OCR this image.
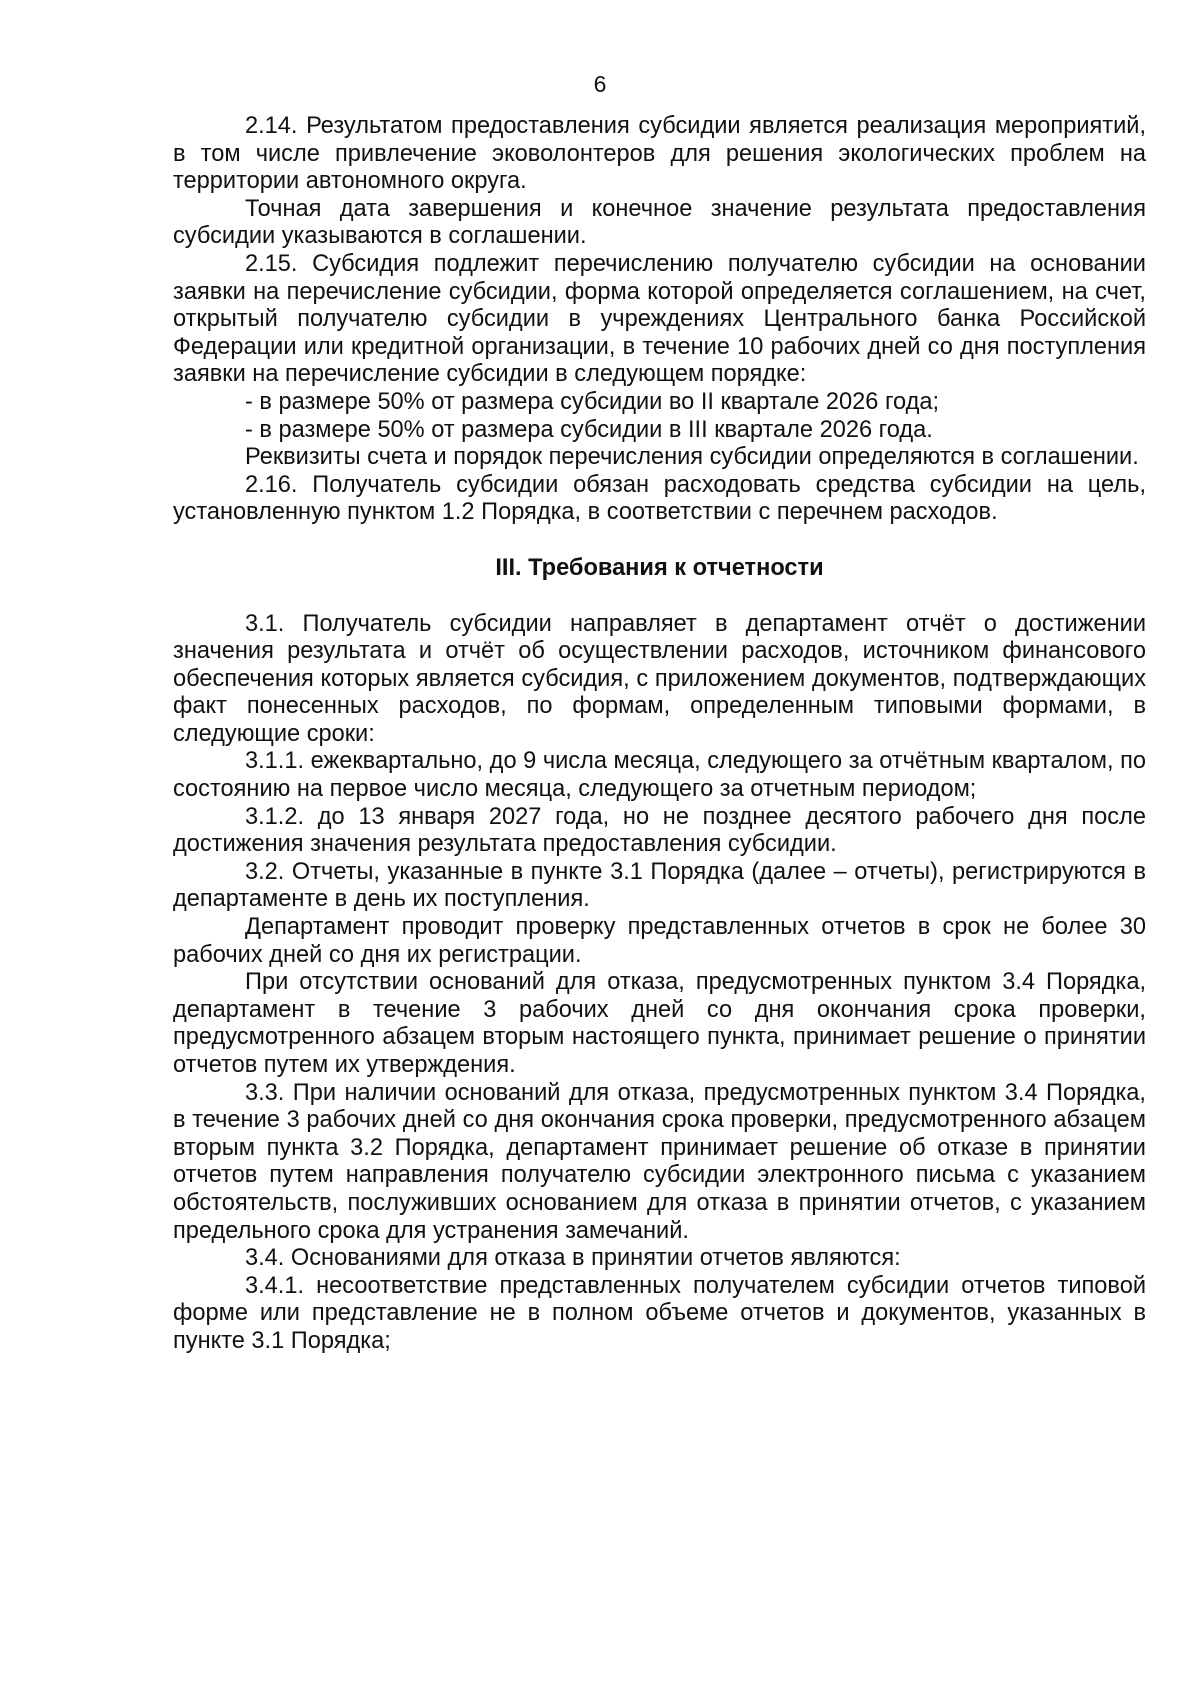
6

2.14. Результатом предоставления субсидии является реализация мероприятий, в том числе привлечение эковолонтеров для решения экологических проблем на территории автономного округа.

Точная дата завершения и конечное значение результата предоставления субсидии указываются в соглашении.

2.15. Субсидия подлежит перечислению получателю субсидии на основании заявки на перечисление субсидии, форма которой определяется соглашением, на счет, открытый получателю субсидии в учреждениях Центрального банка Российской Федерации или кредитной организации, в течение 10 рабочих дней со дня поступления заявки на перечисление субсидии в следующем порядке:

- в размере 50% от размера субсидии во II квартале 2026 года;

- в размере 50% от размера субсидии в III квартале 2026 года.

Реквизиты счета и порядок перечисления субсидии определяются в соглашении.

2.16. Получатель субсидии обязан расходовать средства субсидии на цель, установленную пунктом 1.2 Порядка, в соответствии с перечнем расходов.

III. Требования к отчетности

3.1. Получатель субсидии направляет в департамент отчёт о достижении значения результата и отчёт об осуществлении расходов, источником финансового обеспечения которых является субсидия, с приложением документов, подтверждающих факт понесенных расходов, по формам, определенным типовыми формами, в следующие сроки:

3.1.1. ежеквартально, до 9 числа месяца, следующего за отчётным кварталом, по состоянию на первое число месяца, следующего за отчетным периодом;

3.1.2. до 13 января 2027 года, но не позднее десятого рабочего дня после достижения значения результата предоставления субсидии.

3.2. Отчеты, указанные в пункте 3.1 Порядка (далее – отчеты), регистрируются в департаменте в день их поступления.

Департамент проводит проверку представленных отчетов в срок не более 30 рабочих дней со дня их регистрации.

При отсутствии оснований для отказа, предусмотренных пунктом 3.4 Порядка, департамент в течение 3 рабочих дней со дня окончания срока проверки, предусмотренного абзацем вторым настоящего пункта, принимает решение о принятии отчетов путем их утверждения.

3.3. При наличии оснований для отказа, предусмотренных пунктом 3.4 Порядка, в течение 3 рабочих дней со дня окончания срока проверки, предусмотренного абзацем вторым пункта 3.2 Порядка, департамент принимает решение об отказе в принятии отчетов путем направления получателю субсидии электронного письма с указанием обстоятельств, послуживших основанием для отказа в принятии отчетов, с указанием предельного срока для устранения замечаний.

3.4. Основаниями для отказа в принятии отчетов являются:

3.4.1. несоответствие представленных получателем субсидии отчетов типовой форме или представление не в полном объеме отчетов и документов, указанных в пункте 3.1 Порядка;
